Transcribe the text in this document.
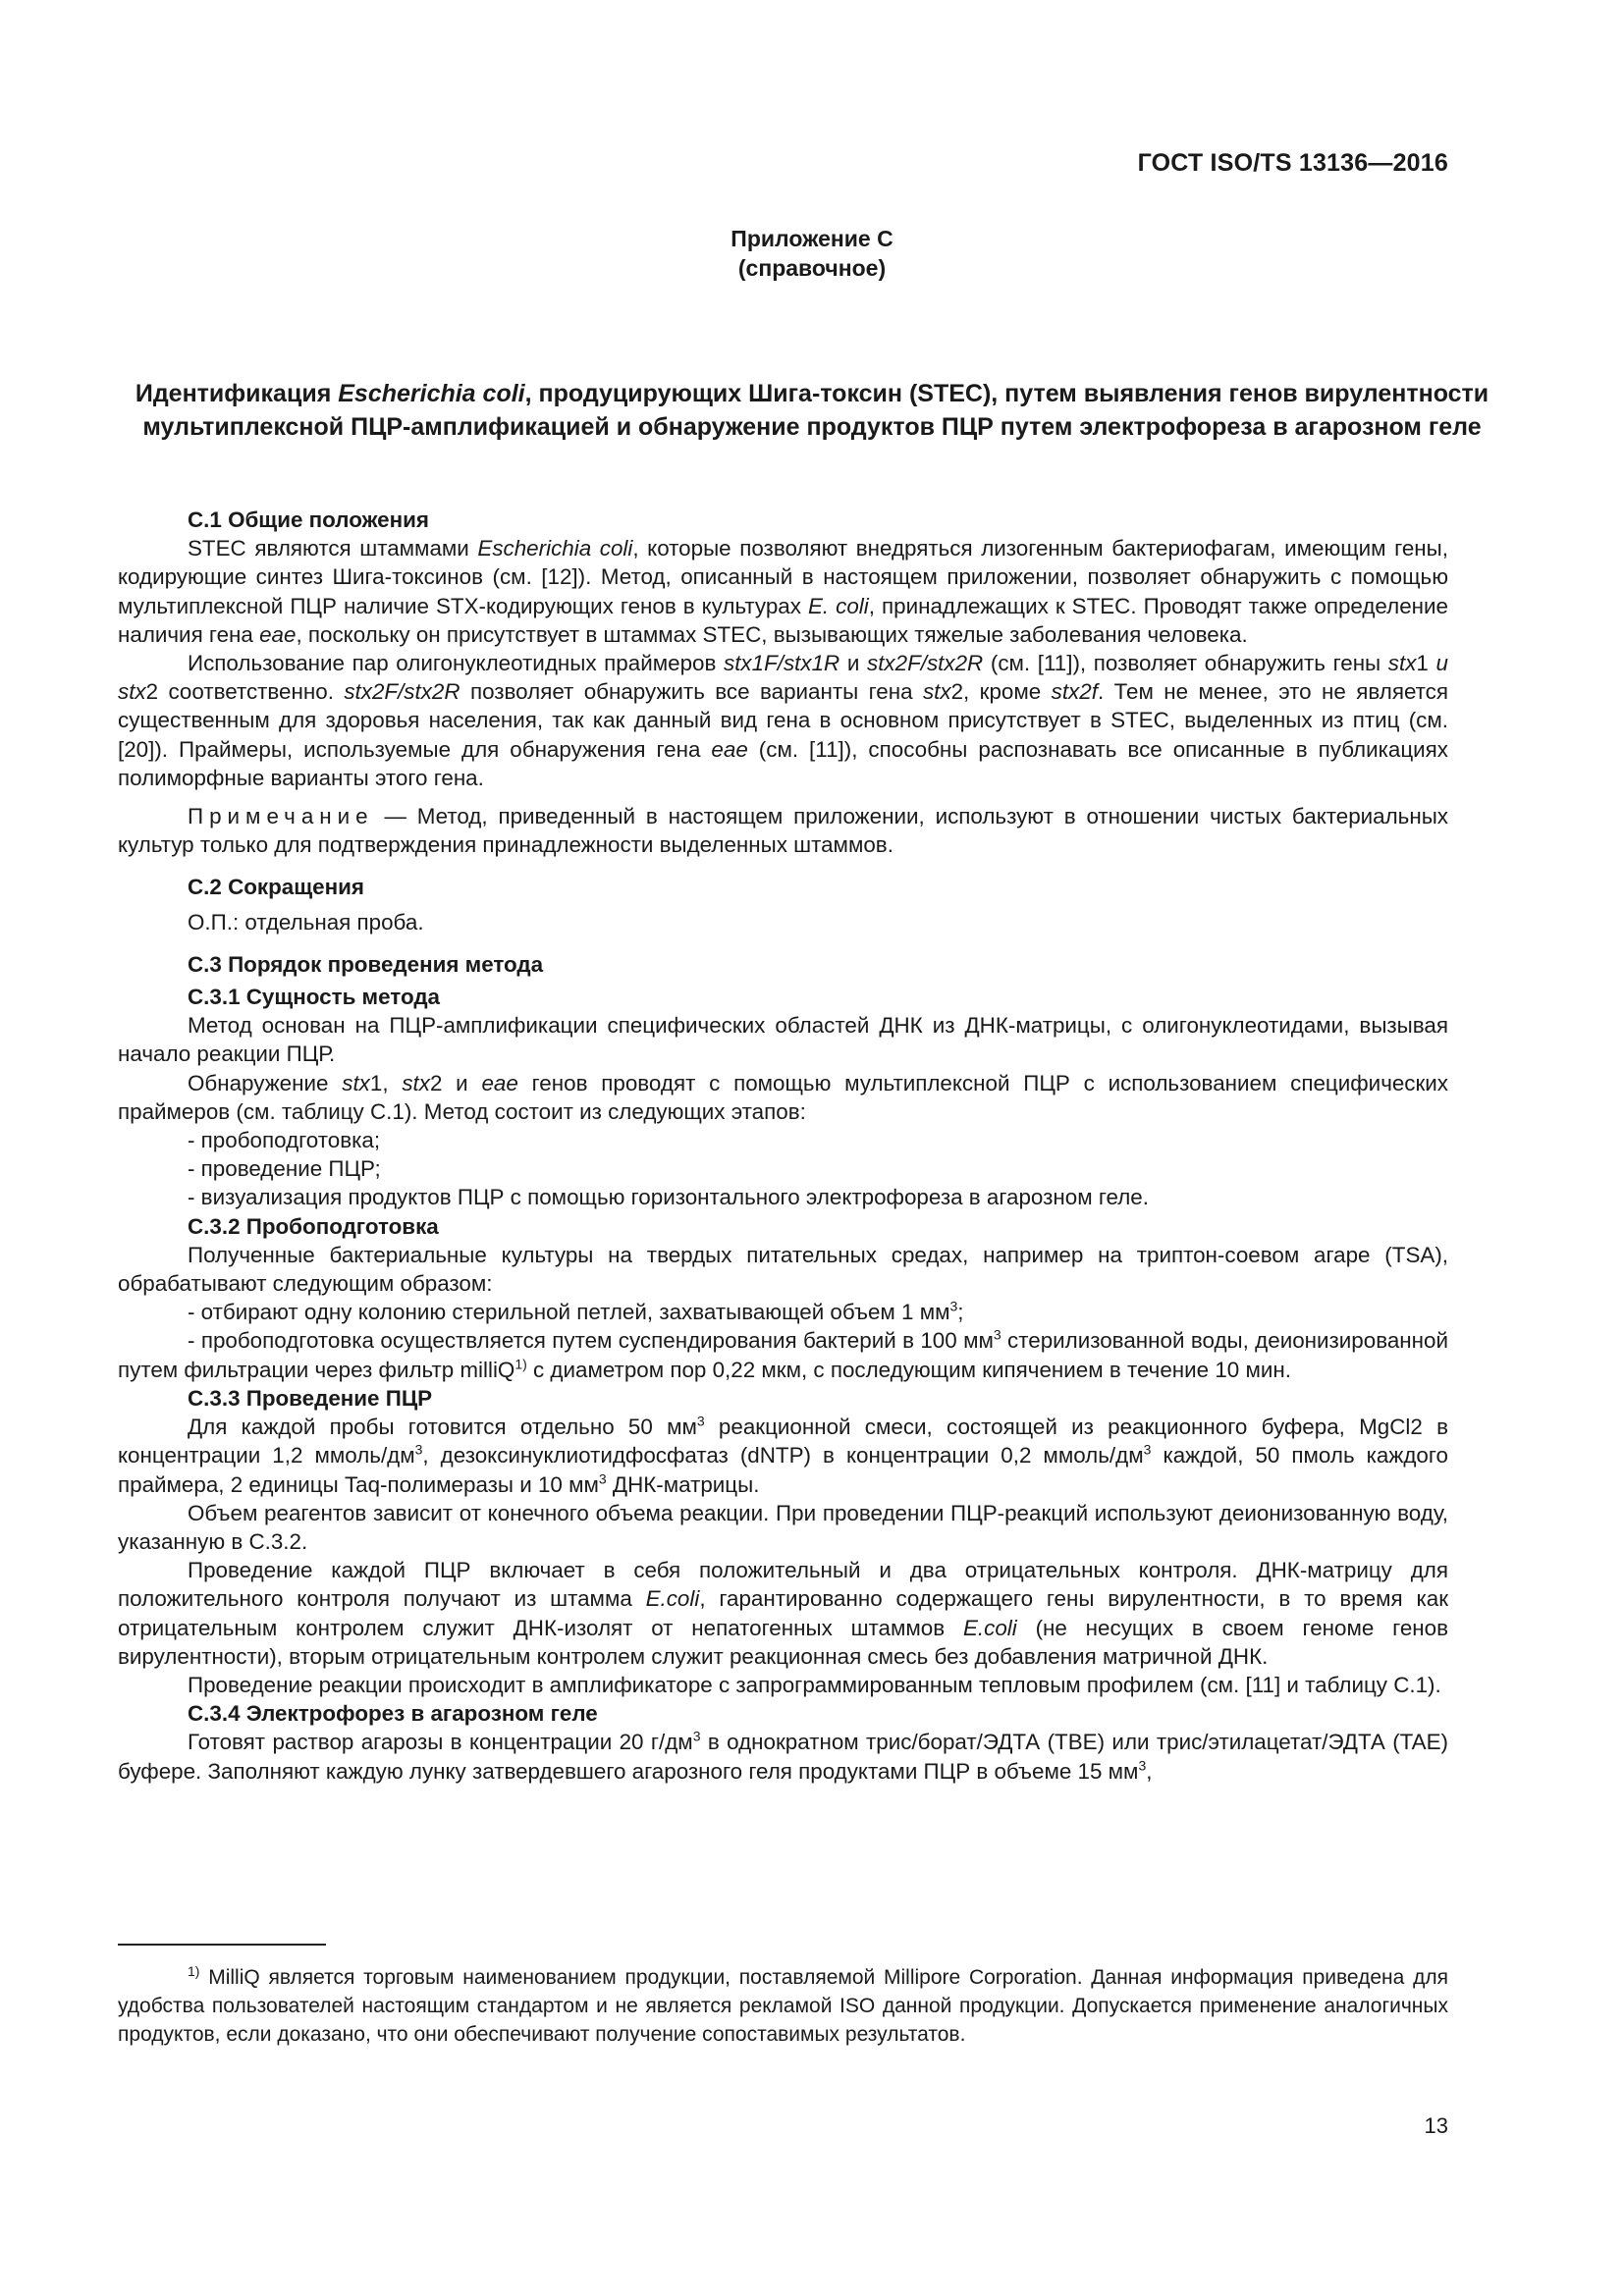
ГОСТ ISO/TS 13136—2016
Приложение С
(справочное)
Идентификация Escherichia coli, продуцирующих Шига-токсин (STEC), путем выявления генов вирулентности мультиплексной ПЦР-амплификацией и обнаружение продуктов ПЦР путем электрофореза в агарозном геле
С.1 Общие положения

STEC являются штаммами Escherichia coli, которые позволяют внедряться лизогенным бактериофагам, имеющим гены, кодирующие синтез Шига-токсинов (см. [12]). Метод, описанный в настоящем приложении, позволяет обнаружить с помощью мультиплексной ПЦР наличие STX-кодирующих генов в культурах E. coli, принадлежащих к STEC. Проводят также определение наличия гена eae, поскольку он присутствует в штаммах STEC, вызывающих тяжелые заболевания человека.

Использование пар олигонуклеотидных праймеров stx1F/stx1R и stx2F/stx2R (см. [11]), позволяет обнаружить гены stx1 и stx2 соответственно. stx2F/stx2R позволяет обнаружить все варианты гена stx2, кроме stx2f. Тем не менее, это не является существенным для здоровья населения, так как данный вид гена в основном присутствует в STEC, выделенных из птиц (см. [20]). Праймеры, используемые для обнаружения гена eae (см. [11]), способны распознавать все описанные в публикациях полиморфные варианты этого гена.

Примечание — Метод, приведенный в настоящем приложении, используют в отношении чистых бактериальных культур только для подтверждения принадлежности выделенных штаммов.

С.2 Сокращения

О.П.: отдельная проба.

С.3 Порядок проведения метода
С.3.1 Сущность метода

Метод основан на ПЦР-амплификации специфических областей ДНК из ДНК-матрицы, с олигонуклеотидами, вызывая начало реакции ПЦР.

Обнаружение stx1, stx2 и eae генов проводят с помощью мультиплексной ПЦР с использованием специфических праймеров (см. таблицу С.1). Метод состоит из следующих этапов:

- пробоподготовка;
- проведение ПЦР;
- визуализация продуктов ПЦР с помощью горизонтального электрофореза в агарозном геле.
С.3.2 Пробоподготовка

Полученные бактериальные культуры на твердых питательных средах, например на триптон-соевом агаре (TSA), обрабатывают следующим образом:

- отбирают одну колонию стерильной петлей, захватывающей объем 1 $мм^3$;

- пробоподготовка осуществляется путем суспендирования бактерий в 100 $мм^3$ стерилизованной воды, деионизированной путем фильтрации через фильтр milliQ$^{1)}$ с диаметром пор 0,22 мкм, с последующим кипячением в течение 10 мин.

С.3.3 Проведение ПЦР

Для каждой пробы готовится отдельно 50 $мм^3$ реакционной смеси, состоящей из реакционного буфера, MgCl2 в концентрации 1,2 ммоль/$дм^3$, дезоксинуклиотидфосфатаз (dNTP) в концентрации 0,2 ммоль/$дм^3$ каждой, 50 пмоль каждого праймера, 2 единицы Taq-полимеразы и 10 $мм^3$ ДНК-матрицы.

Объем реагентов зависит от конечного объема реакции. При проведении ПЦР-реакций используют деионизованную воду, указанную в С.3.2.

Проведение каждой ПЦР включает в себя положительный и два отрицательных контроля. ДНК-матрицу для положительного контроля получают из штамма E.coli, гарантированно содержащего гены вирулентности, в то время как отрицательным контролем служит ДНК-изолят от непатогенных штаммов E.coli (не несущих в своем геноме генов вирулентности), вторым отрицательным контролем служит реакционная смесь без добавления матричной ДНК.

Проведение реакции происходит в амплификаторе с запрограммированным тепловым профилем (см. [11] и таблицу С.1).

С.3.4 Электрофорез в агарозном геле

Готовят раствор агарозы в концентрации 20 $г/дм^3$ в однократном трис/борат/ЭДТА (TBE) или трис/этилацетат/ЭДТА (TAE) буфере. Заполняют каждую лунку затвердевшего агарозного геля продуктами ПЦР в объеме 15 $мм^3$,

$^{1)}$ MilliQ является торговым наименованием продукции, поставляемой Millipore Corporation. Данная информация приведена для удобства пользователей настоящим стандартом и не является рекламой ISO данной продукции. Допускается применение аналогичных продуктов, если доказано, что они обеспечивают получение сопоставимых результатов.

13
